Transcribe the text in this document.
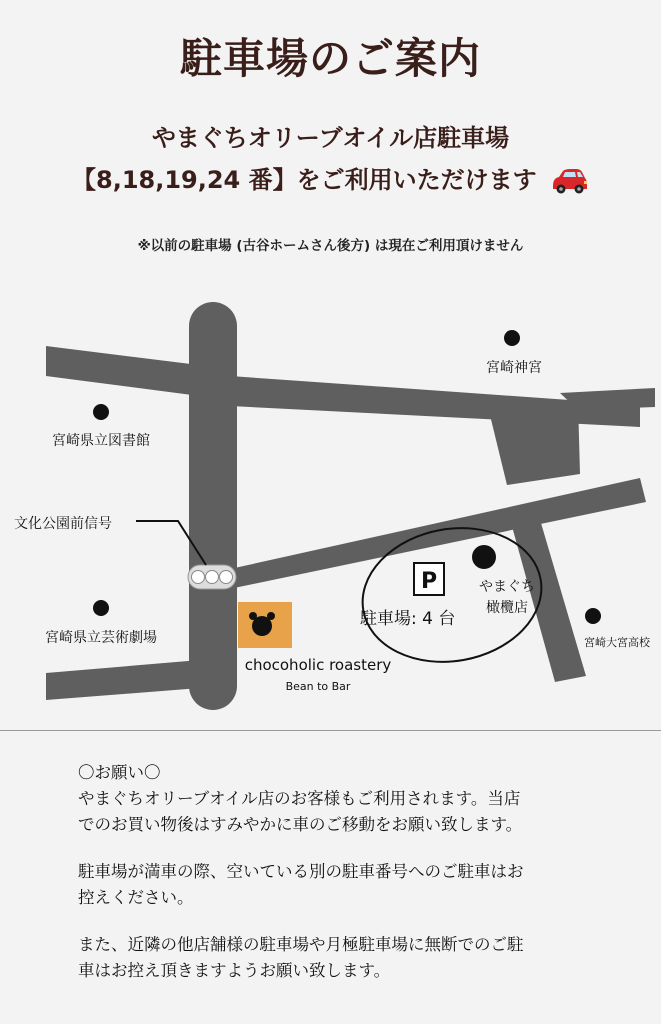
駐車場のご案内
やまぐちオリーブオイル店駐車場
【8,18,19,24 番】をご利用いただけます
※以前の駐車場 (古谷ホームさん後方) は現在ご利用頂けません
宮崎神宮
宮崎県立図書館
文化公園前信号
宮崎県立芸術劇場	宮崎大宮高校
P
駐車場: 4 台
やまぐち
橄欖店
chocoholic roastery
Bean to Bar
〇お願い〇

やまぐちオリーブオイル店のお客様もご利用されます。当店
でのお買い物後はすみやかに車のご移動をお願い致します。

駐車場が満車の際、空いている別の駐車番号へのご駐車はお
控えください。

また、近隣の他店舗様の駐車場や月極駐車場に無断でのご駐
車はお控え頂きますようお願い致します。
